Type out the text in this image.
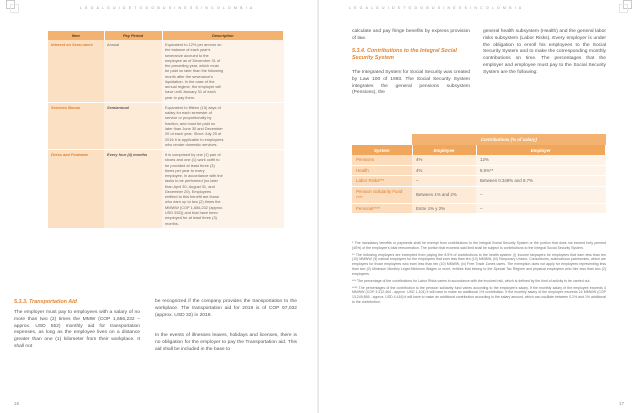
L E G A L G U I D E T O D O B U S I N E S S I N C O L O M B I A
Item	Pay Period	Description
Interest on Seve-rance	Annual	Equivalent to 12% per annum on the balance of each year's severance accrued to the employee as of December 31 of the preceding year, which must be paid no later than the following month after the severance's liquidation. In the case of the annual regime, the employer will have until January 31 of each year to pay them.
Services Bonus	Semiannual	Equivalent to fifteen (15) days of salary for each semester of service or proportionally by fraction, and must be paid no later than June 30 and December 20 of each year. Since July 29 of 2016 it is applicable to employees who render domestic services.
Dress and Footwear	Every four (4) months	It is comprised by one (1) pair of shoes and one (1) work outfit to be provided at least three (3) times per year to every employee, in accordance with the tasks to be performed (no later than April 30, August 31, and December 20). Employees entitled to this benefit are those who earn up to two (2) times the MMWW (COP 1,656,232 (approx. USD 552)) and that have been employed for at least three (3) months.
5.3.3. Transportation Aid
The employer must pay to employees with a salary of no more than two (2) times the MMW (COP 1,656,232 – approx. USD 552) monthly aid for transportation expenses, as long as the employee lives on a distance greater than one (1) kilometer from their workplace. It shall not
be recognized if the company provides the transportation to the workplace. The transportation aid for 2019 is of COP 97,032 (approx. USD 32) in 2019.
In the events of illnesses leaves, holidays and licenses, there is no obligation for the employer to pay the Transportation aid. This aid shall be included in the base to
16
L E G A L G U I D E T O D O B U S I N E S S I N C O L O M B I A
calculate and pay fringe benefits by express provision of law.
5.3.4. Contributions to the Integral Social Security System
The Integrated System for Social Security was created by Law 100 of 1993. The Social Security System integrates the general pensions subsystem (Pensions), the
general health subsystem (Health) and the general labor risks subsystem (Labor Risks). Every employer is under the obligation to enroll his employees to the Social Security System and to make the corresponding monthly contributions on time. The percentages that the employer and employee must pay to the Social Security System are the following:
	Contributions (% of salary)	
System	Employee	Employer
Pensions	4%	12%
Health	4%	8.5%**
Labor Risks***	–	Between 0.348% and 8.7%
Pension Solidarity Fund ****	Between 1% and 2%	–
Personal****	Entre 1% y 2%	–

* The mandatory benefits or payments shall be exempt from contributions to the Integral Social Security System or the portion that does not exceed forty percent (40%) of the employee's total remuneration. The portion that exceeds said limit shall be subject to contributions to the Integral Social Security System.

** The following employers are exempted from paying the 8.5% of contributions to the health system: (i) Income taxpayers for employees that earn less than ten (10) MMWW, (ii) natural employers for the employees that earn less than ten (10) MMWW, (iii) Temporary Unions, Consortiums, autonomous patrimonies, which are employers for those employees who earn less than ten (10) MMWW, (iv) Free Trade Zones users. The exemption does not apply for employees representing less than two (2) Minimum Monthly Legal Minimum Wages or more, entities that belong to the Special Tax Regime and physical employees who hire less than two (2) employees.

*** The percentage of the contributions for Labor Risks varies in accordance with the involved risk, which is defined by the kind of activity to be carried out.

**** The percentages of the contribution to the pension solidarity fund varies according to the employee's salary. If the monthly salary of the employee exceeds 4 MMWW (COP 3,312,464 - approx. USD 1,104) it will have to make an additional 1% contribution. If the monthly salary of the employee exceeds 16 MMWW (COP 13,249,856 - approx. USD 4,416) it will have to make an additional contribution according to the salary amount, which can oscillate between 0.2% and 1% additional to the contribution.

17
